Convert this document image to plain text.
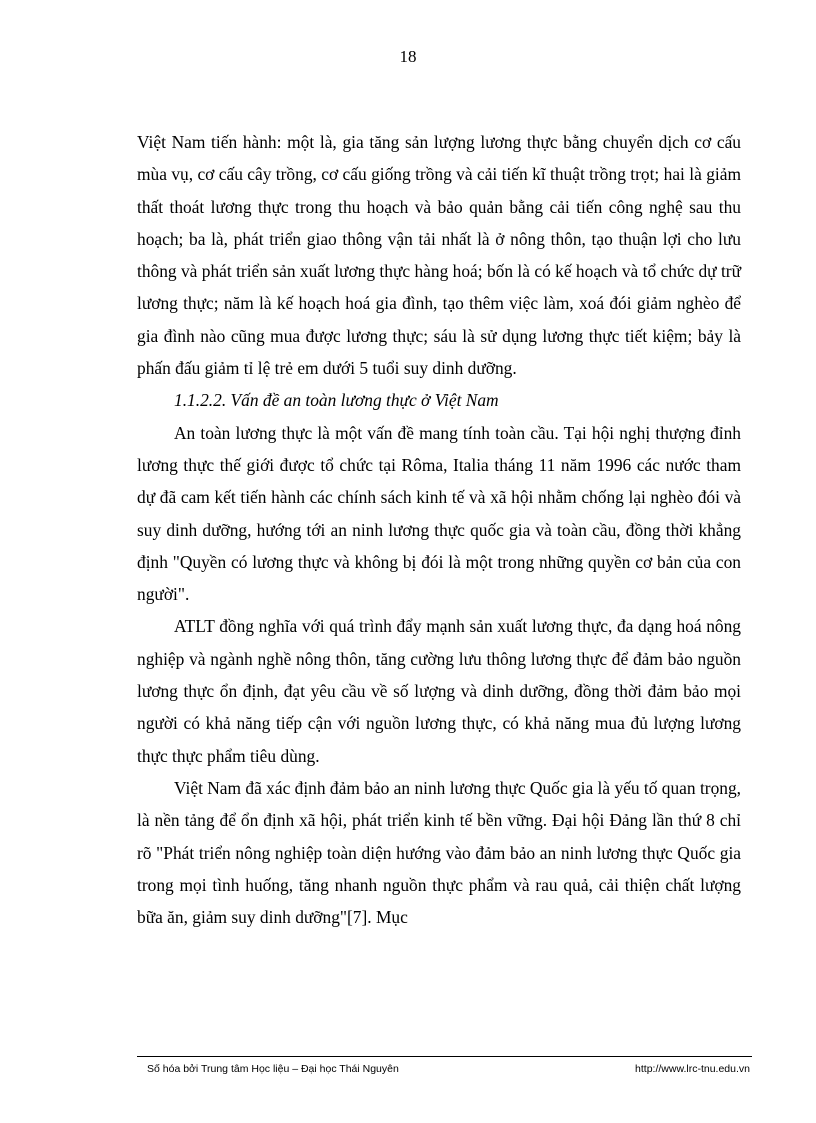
18

Việt Nam tiến hành: một là, gia tăng sản lượng lương thực bằng chuyển dịch cơ cấu mùa vụ, cơ cấu cây trồng, cơ cấu giống trồng và cải tiến kĩ thuật trồng trọt; hai là giảm thất thoát lương thực trong thu hoạch và bảo quản bằng cải tiến công nghệ sau thu hoạch; ba là, phát triển giao thông vận tải nhất là ở nông thôn, tạo thuận lợi cho lưu thông và phát triển sản xuất lương thực hàng hoá; bốn là có kế hoạch và tổ chức dự trữ lương thực; năm là kế hoạch hoá gia đình, tạo thêm việc làm, xoá đói giảm nghèo để gia đình nào cũng mua được lương thực; sáu là sử dụng lương thực tiết kiệm; bảy là phấn đấu giảm tỉ lệ trẻ em dưới 5 tuổi suy dinh dưỡng.

1.1.2.2. Vấn đề an toàn lương thực ở Việt Nam

An toàn lương thực là một vấn đề mang tính toàn cầu. Tại hội nghị thượng đỉnh lương thực thế giới được tổ chức tại Rôma, Italia tháng 11 năm 1996 các nước tham dự đã cam kết tiến hành các chính sách kinh tế và xã hội nhằm chống lại nghèo đói và suy dinh dưỡng, hướng tới an ninh lương thực quốc gia và toàn cầu, đồng thời khẳng định "Quyền có lương thực và không bị đói là một trong những quyền cơ bản của con người".

ATLT đồng nghĩa với quá trình đẩy mạnh sản xuất lương thực, đa dạng hoá nông nghiệp và ngành nghề nông thôn, tăng cường lưu thông lương thực để đảm bảo nguồn lương thực ổn định, đạt yêu cầu về số lượng và dinh dưỡng, đồng thời đảm bảo mọi người có khả năng tiếp cận với nguồn lương thực, có khả năng mua đủ lượng lương thực thực phẩm tiêu dùng.

Việt Nam đã xác định đảm bảo an ninh lương thực Quốc gia là yếu tố quan trọng, là nền tảng để ổn định xã hội, phát triển kinh tế bền vững. Đại hội Đảng lần thứ 8 chỉ rõ "Phát triển nông nghiệp toàn diện hướng vào đảm bảo an ninh lương thực Quốc gia trong mọi tình huống, tăng nhanh nguồn thực phẩm và rau quả, cải thiện chất lượng bữa ăn, giảm suy dinh dưỡng"[7]. Mục

Số hóa bởi Trung tâm Học liệu – Đại học Thái Nguyên	http://www.lrc-tnu.edu.vn
